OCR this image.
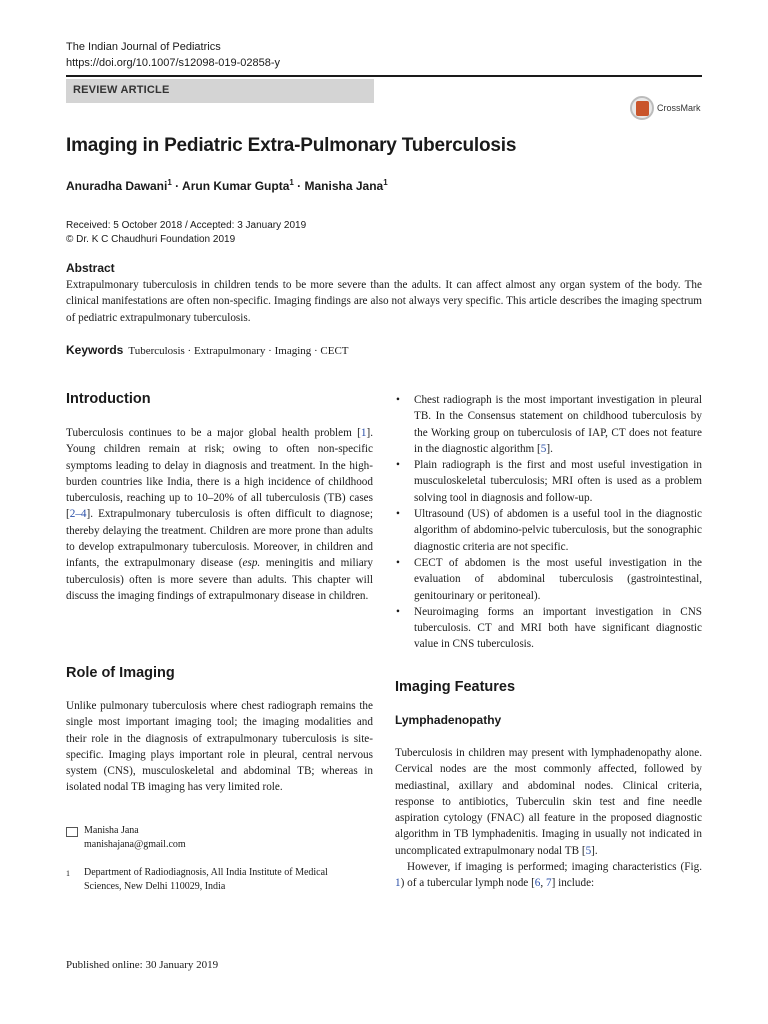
The Indian Journal of Pediatrics
https://doi.org/10.1007/s12098-019-02858-y
REVIEW ARTICLE
CrossMark
Imaging in Pediatric Extra-Pulmonary Tuberculosis
Anuradha Dawani$^1$ · Arun Kumar Gupta$^1$ · Manisha Jana$^1$
Received: 5 October 2018 / Accepted: 3 January 2019
© Dr. K C Chaudhuri Foundation 2019
Abstract
Extrapulmonary tuberculosis in children tends to be more severe than the adults. It can affect almost any organ system of the body. The clinical manifestations are often non-specific. Imaging findings are also not always very specific. This article describes the imaging spectrum of pediatric extrapulmonary tuberculosis.
Keywords Tuberculosis · Extrapulmonary · Imaging · CECT
Introduction

Tuberculosis continues to be a major global health problem [1]. Young children remain at risk; owing to often non-specific symptoms leading to delay in diagnosis and treatment. In the high-burden countries like India, there is a high incidence of childhood tuberculosis, reaching up to 10–20% of all tuberculosis (TB) cases [2–4]. Extrapulmonary tuberculosis is often difficult to diagnose; thereby delaying the treatment. Children are more prone than adults to develop extrapulmonary tuberculosis. Moreover, in children and infants, the extrapulmonary disease (esp. meningitis and miliary tuberculosis) often is more severe than adults. This chapter will discuss the imaging findings of extrapulmonary disease in children.

Role of Imaging
Unlike pulmonary tuberculosis where chest radiograph remains the single most important imaging tool; the imaging modalities and their role in the diagnosis of extrapulmonary tuberculosis is site-specific. Imaging plays important role in pleural, central nervous system (CNS), musculoskeletal and abdominal TB; whereas in isolated nodal TB imaging has very limited role.
Manisha Jana
manishajana@gmail.com
1 Department of Radiodiagnosis, All India Institute of Medical Sciences, New Delhi 110029, India
Published online: 30 January 2019
• Chest radiograph is the most important investigation in pleural TB. In the Consensus statement on childhood tuberculosis by the Working group on tuberculosis of IAP, CT does not feature in the diagnostic algorithm [5].
• Plain radiograph is the first and most useful investigation in musculoskeletal tuberculosis; MRI often is used as a problem solving tool in diagnosis and follow-up.
• Ultrasound (US) of abdomen is a useful tool in the diagnostic algorithm of abdomino-pelvic tuberculosis, but the sonographic diagnostic criteria are not specific.
• CECT of abdomen is the most useful investigation in the evaluation of abdominal tuberculosis (gastrointestinal, genitourinary or peritoneal).
• Neuroimaging forms an important investigation in CNS tuberculosis. CT and MRI both have significant diagnostic value in CNS tuberculosis.
Imaging Features
Lymphadenopathy

Tuberculosis in children may present with lymphadenopathy alone. Cervical nodes are the most commonly affected, followed by mediastinal, axillary and abdominal nodes. Clinical criteria, response to antibiotics, Tuberculin skin test and fine needle aspiration cytology (FNAC) all feature in the proposed diagnostic algorithm in TB lymphadenitis. Imaging in usually not indicated in uncomplicated extrapulmonary nodal TB [5].

However, if imaging is performed; imaging characteristics (Fig. 1) of a tubercular lymph node [6, 7] include:
